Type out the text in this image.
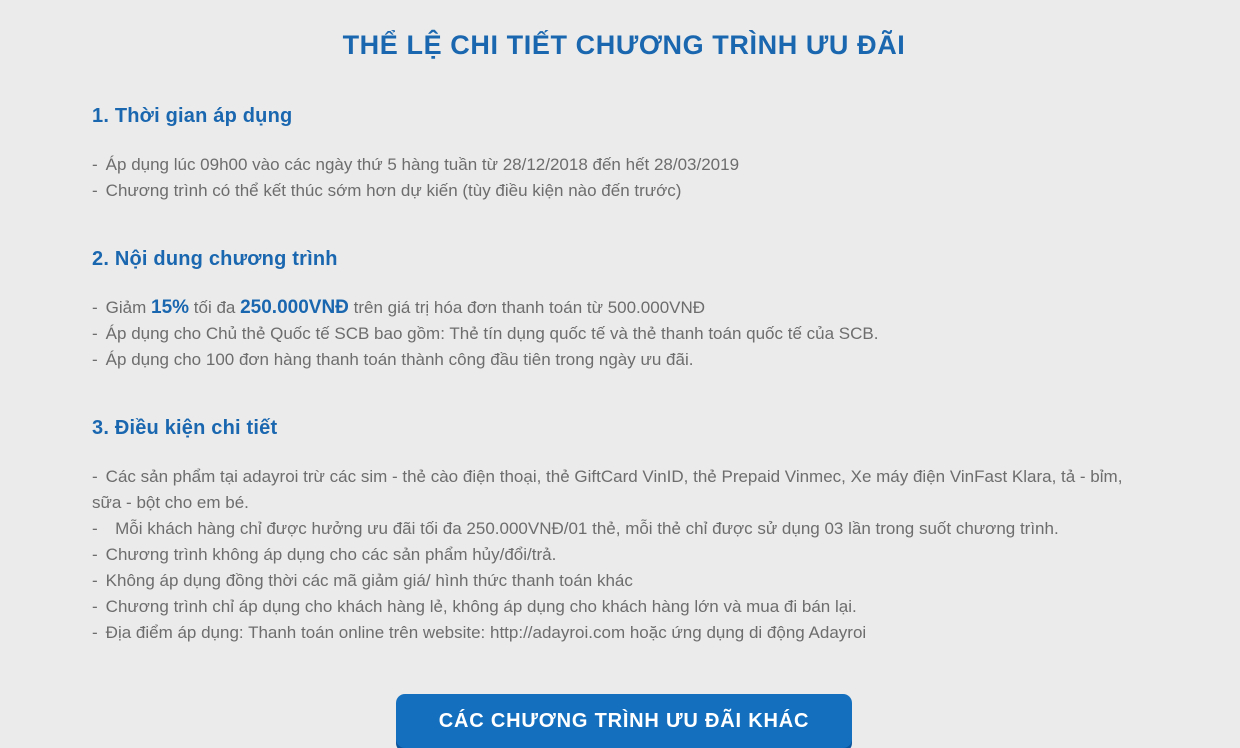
THỂ LỆ CHI TIẾT CHƯƠNG TRÌNH ƯU ĐÃI
1. Thời gian áp dụng

- Áp dụng lúc 09h00 vào các ngày thứ 5 hàng tuần từ 28/12/2018 đến hết 28/03/2019

- Chương trình có thể kết thúc sớm hơn dự kiến (tùy điều kiện nào đến trước)

2. Nội dung chương trình

- Giảm 15% tối đa 250.000VNĐ trên giá trị hóa đơn thanh toán từ 500.000VNĐ

- Áp dụng cho Chủ thẻ Quốc tế SCB bao gồm: Thẻ tín dụng quốc tế và thẻ thanh toán quốc tế của SCB.

- Áp dụng cho 100 đơn hàng thanh toán thành công đầu tiên trong ngày ưu đãi.

3. Điều kiện chi tiết

- Các sản phẩm tại adayroi trừ các sim - thẻ cào điện thoại, thẻ GiftCard VinID, thẻ Prepaid Vinmec, Xe máy điện VinFast Klara, tả - bỉm, sữa - bột cho em bé.

-  Mỗi khách hàng chỉ được hưởng ưu đãi tối đa 250.000VNĐ/01 thẻ, mỗi thẻ chỉ được sử dụng 03 lần trong suốt chương trình.

- Chương trình không áp dụng cho các sản phẩm hủy/đổi/trả.

- Không áp dụng đồng thời các mã giảm giá/ hình thức thanh toán khác

- Chương trình chỉ áp dụng cho khách hàng lẻ, không áp dụng cho khách hàng lớn và mua đi bán lại.

- Địa điểm áp dụng: Thanh toán online trên website: http://adayroi.com hoặc ứng dụng di động Adayroi

CÁC CHƯƠNG TRÌNH ƯU ĐÃI KHÁC
